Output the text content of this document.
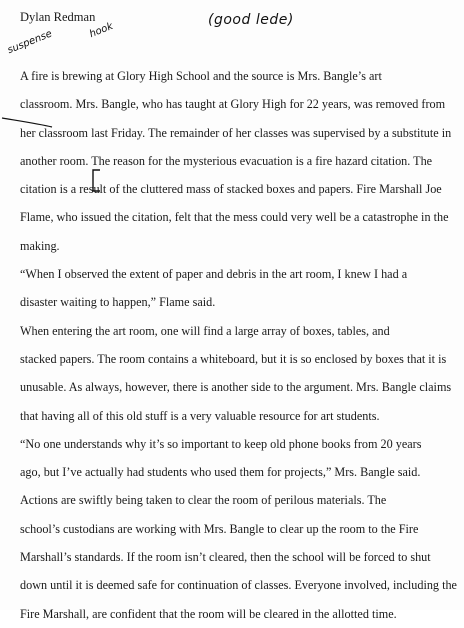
Dylan Redman	(good lede)
suspense	hook

A fire is brewing at Glory High School and the source is Mrs. Bangle’s art
classroom. Mrs. Bangle, who has taught at Glory High for 22 years, was removed from
her classroom last Friday. The remainder of her classes was supervised by a substitute in
another room. The reason for the mysterious evacuation is a fire hazard citation. The
citation is a result of the cluttered mass of stacked boxes and papers. Fire Marshall Joe
Flame, who issued the citation, felt that the mess could very well be a catastrophe in the
making.

“When I observed the extent of paper and debris in the art room, I knew I had a
disaster waiting to happen,” Flame said.

When entering the art room, one will find a large array of boxes, tables, and
stacked papers. The room contains a whiteboard, but it is so enclosed by boxes that it is
unusable. As always, however, there is another side to the argument. Mrs. Bangle claims
that having all of this old stuff is a very valuable resource for art students.

“No one understands why it’s so important to keep old phone books from 20 years
ago, but I’ve actually had students who used them for projects,” Mrs. Bangle said.

Actions are swiftly being taken to clear the room of perilous materials. The
school’s custodians are working with Mrs. Bangle to clear up the room to the Fire
Marshall’s standards. If the room isn’t cleared, then the school will be forced to shut
down until it is deemed safe for continuation of classes. Everyone involved, including the
Fire Marshall, are confident that the room will be cleared in the allotted time.
